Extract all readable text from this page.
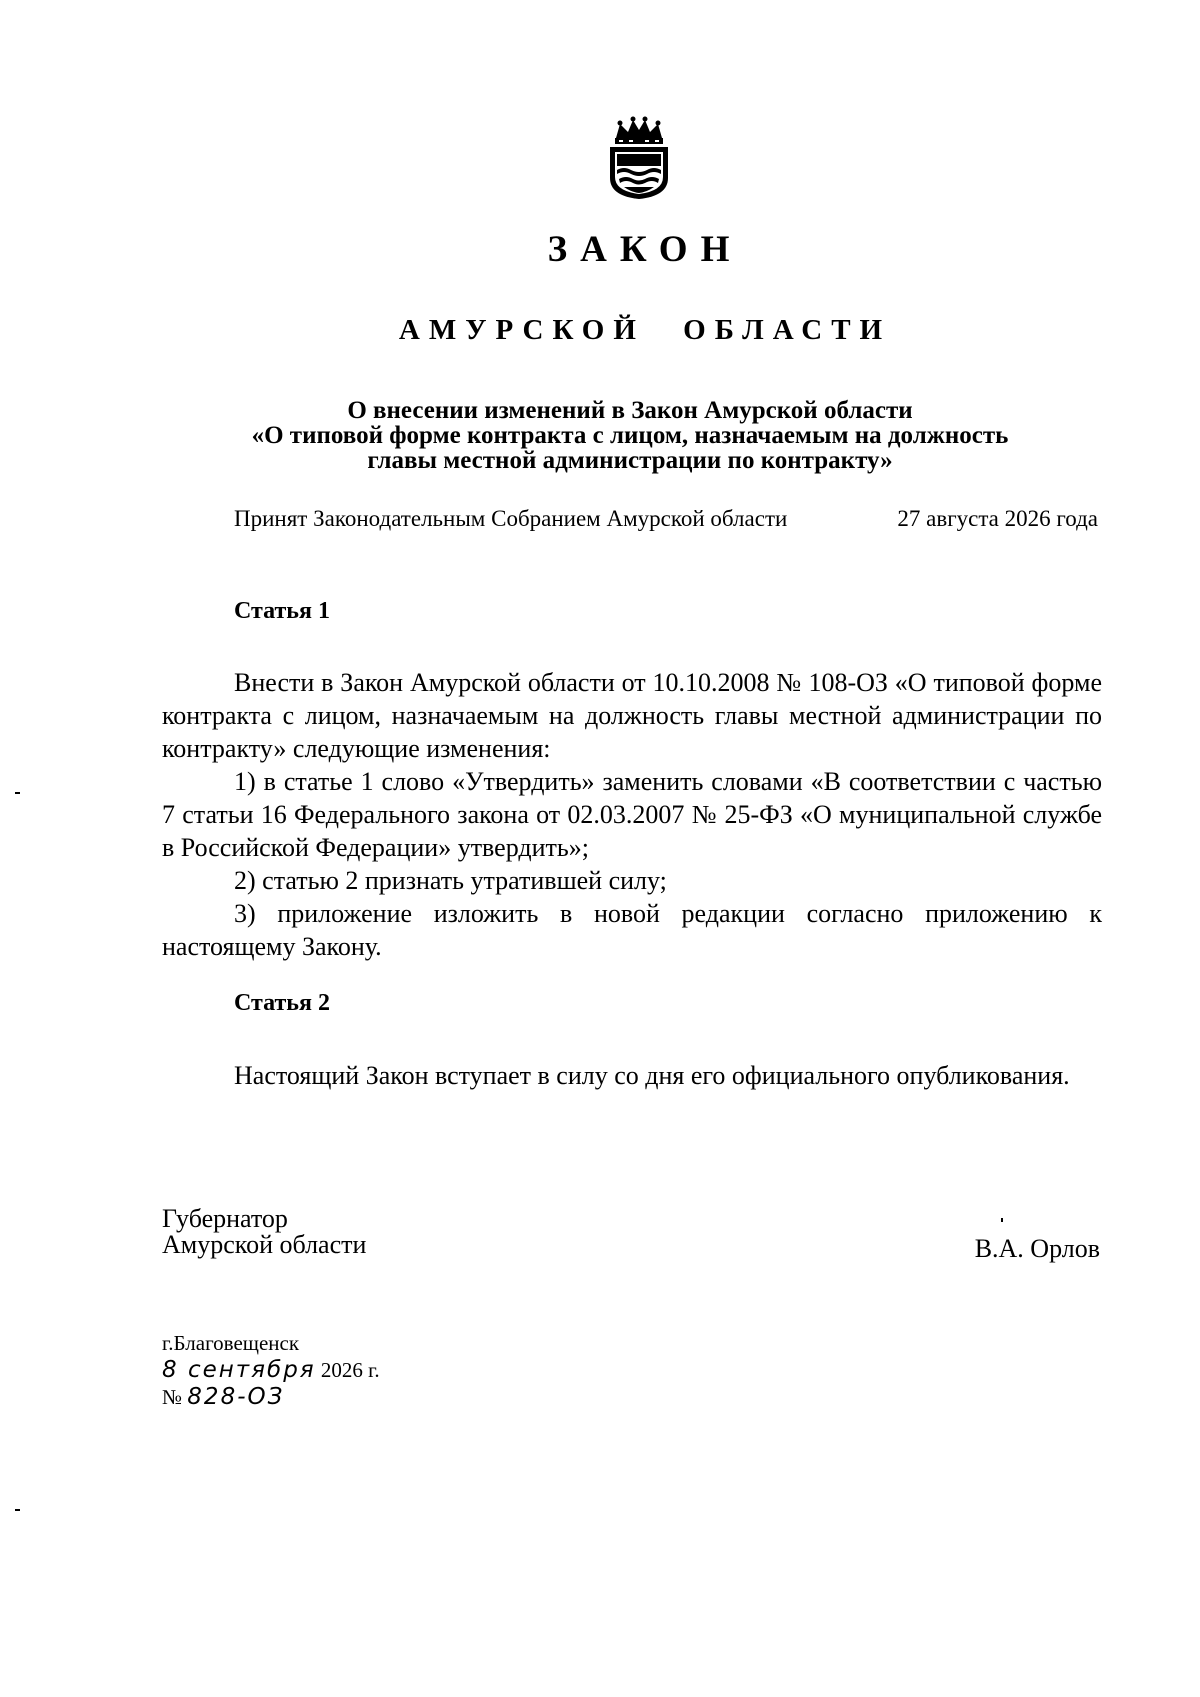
ЗАКОН
АМУРСКОЙ ОБЛАСТИ
О внесении изменений в Закон Амурской области
«О типовой форме контракта с лицом, назначаемым на должность
главы местной администрации по контракту»
Принят Законодательным Собранием Амурской области	27 августа 2026 года
Статья 1

Внести в Закон Амурской области от 10.10.2008 № 108-ОЗ «О типовой форме контракта с лицом, назначаемым на должность главы местной администрации по контракту» следующие изменения:

1) в статье 1 слово «Утвердить» заменить словами «В соответствии с частью 7 статьи 16 Федерального закона от 02.03.2007 № 25-ФЗ «О муниципальной службе в Российской Федерации» утвердить»;

2) статью 2 признать утратившей силу;

3) приложение изложить в новой редакции согласно приложению к настоящему Закону.

Статья 2

Настоящий Закон вступает в силу со дня его официального опубликования.

Губернатор
Амурской области	В.А. Орлов
г.Благовещенск
8 сентября 2026 г.
№ 828-ОЗ
